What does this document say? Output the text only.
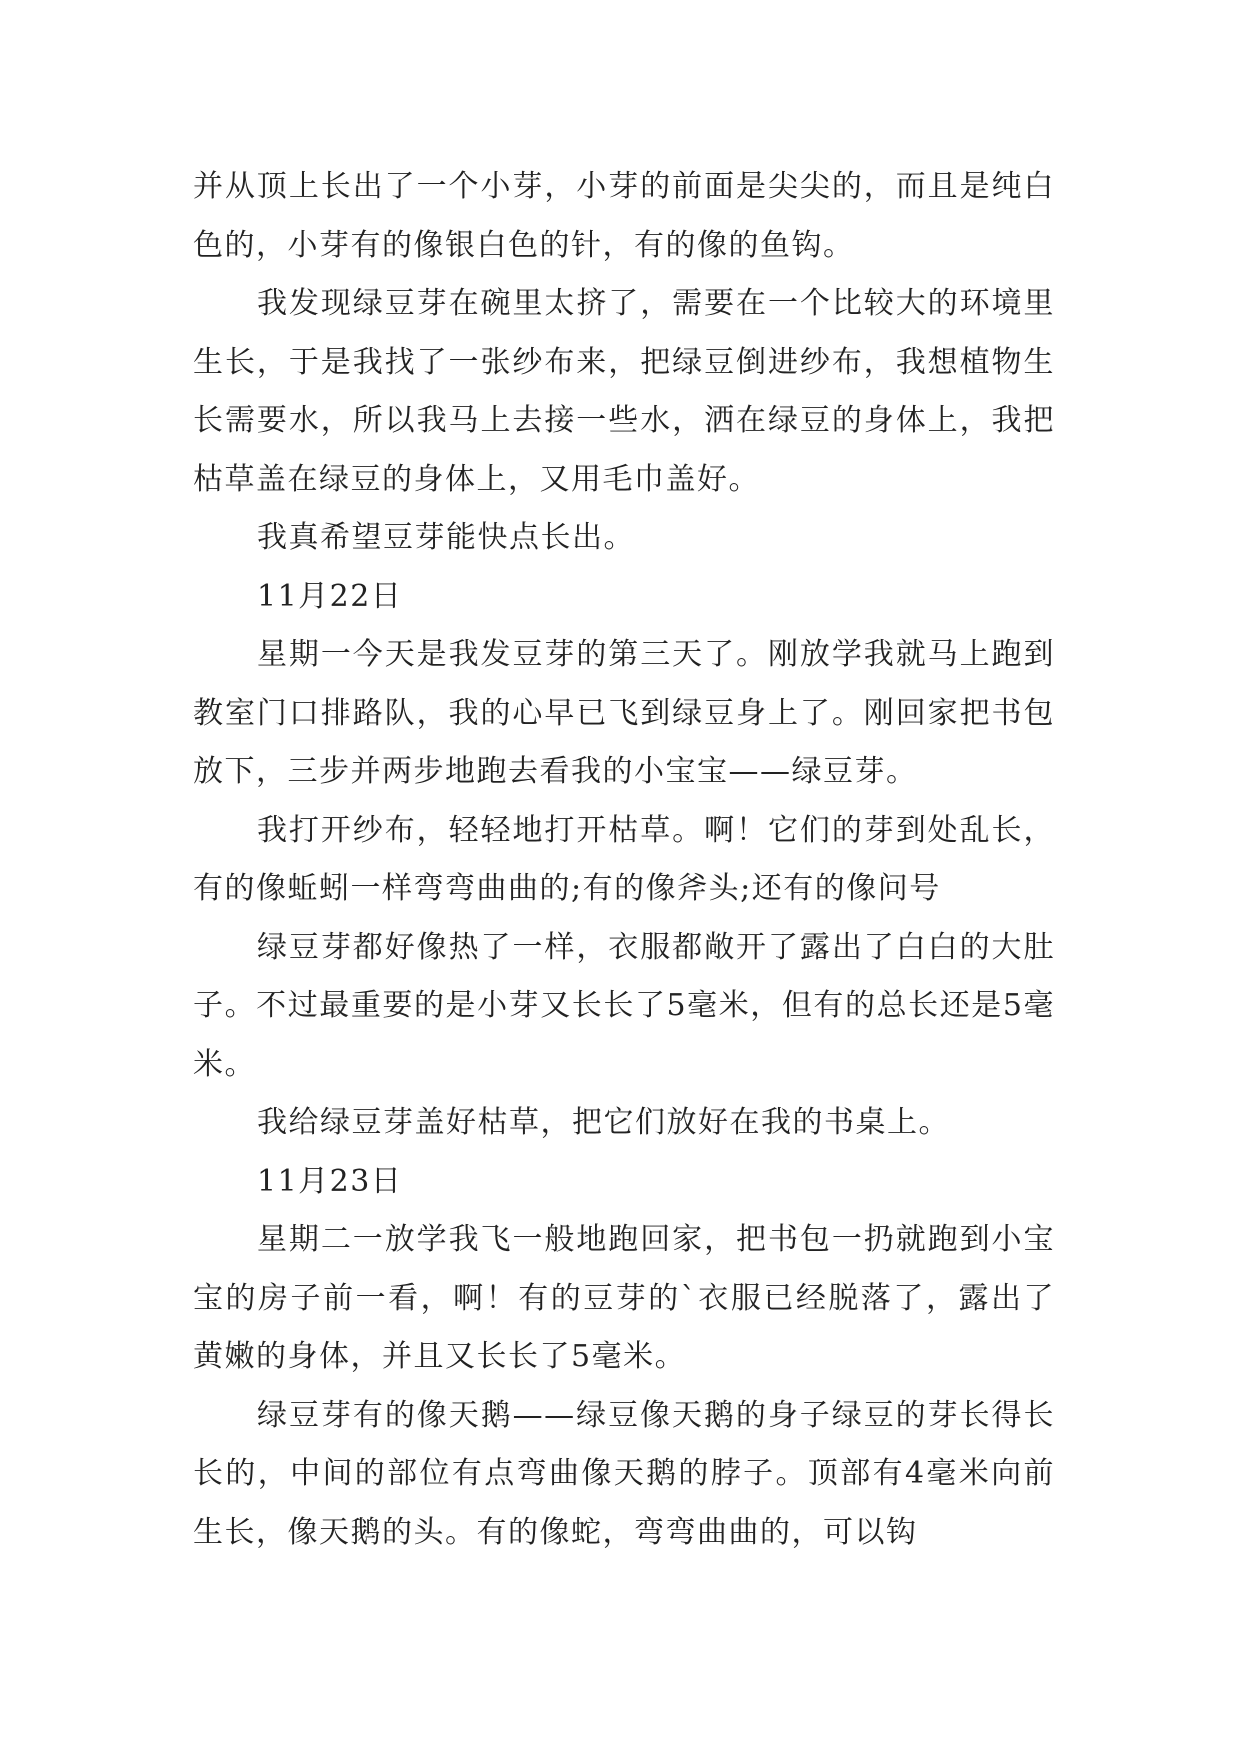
并从顶上长出了一个小芽，小芽的前面是尖尖的，而且是纯白色的，小芽有的像银白色的针，有的像的鱼钩。

我发现绿豆芽在碗里太挤了，需要在一个比较大的环境里生长，于是我找了一张纱布来，把绿豆倒进纱布，我想植物生长需要水，所以我马上去接一些水，洒在绿豆的身体上，我把枯草盖在绿豆的身体上，又用毛巾盖好。

我真希望豆芽能快点长出。

11月22日

星期一今天是我发豆芽的第三天了。刚放学我就马上跑到教室门口排路队，我的心早已飞到绿豆身上了。刚回家把书包放下，三步并两步地跑去看我的小宝宝——绿豆芽。

我打开纱布，轻轻地打开枯草。啊！它们的芽到处乱长，有的像蚯蚓一样弯弯曲曲的;有的像斧头;还有的像问号

绿豆芽都好像热了一样，衣服都敞开了露出了白白的大肚子。不过最重要的是小芽又长长了5毫米，但有的总长还是5毫米。

我给绿豆芽盖好枯草，把它们放好在我的书桌上。

11月23日

星期二一放学我飞一般地跑回家，把书包一扔就跑到小宝宝的房子前一看，啊！有的豆芽的`衣服已经脱落了，露出了黄嫩的身体，并且又长长了5毫米。

绿豆芽有的像天鹅——绿豆像天鹅的身子绿豆的芽长得长长的，中间的部位有点弯曲像天鹅的脖子。顶部有4毫米向前生长，像天鹅的头。有的像蛇，弯弯曲曲的，可以钩
